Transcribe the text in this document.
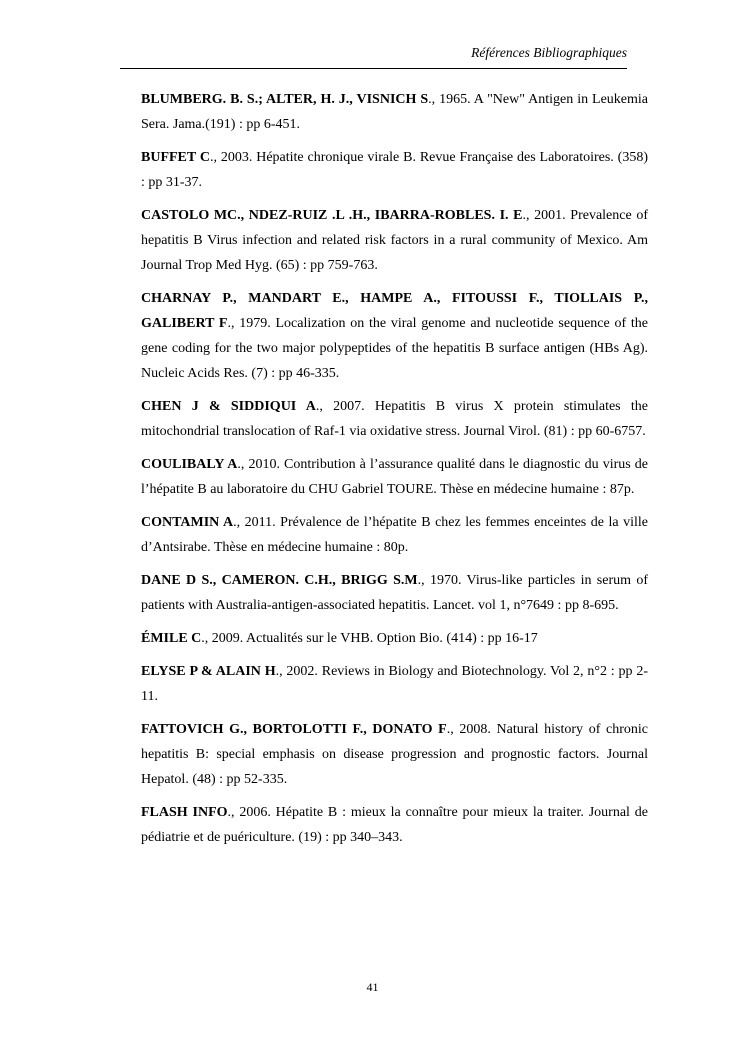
Références Bibliographiques

BLUMBERG. B. S.; ALTER, H. J., VISNICH S., 1965. A "New" Antigen in Leukemia Sera. Jama.(191) : pp 6-451.

BUFFET C., 2003. Hépatite chronique virale B. Revue Française des Laboratoires. (358) : pp 31-37.

CASTOLO MC., NDEZ-RUIZ .L .H., IBARRA-ROBLES. I. E., 2001. Prevalence of hepatitis B Virus infection and related risk factors in a rural community of Mexico. Am Journal Trop Med Hyg. (65) : pp 759-763.

CHARNAY P., MANDART E., HAMPE A., FITOUSSI F., TIOLLAIS P., GALIBERT F., 1979. Localization on the viral genome and nucleotide sequence of the gene coding for the two major polypeptides of the hepatitis B surface antigen (HBs Ag). Nucleic Acids Res. (7) : pp 46-335.

CHEN J & SIDDIQUI A., 2007. Hepatitis B virus X protein stimulates the mitochondrial translocation of Raf-1 via oxidative stress. Journal Virol. (81) : pp 60-6757.

COULIBALY A., 2010. Contribution à l’assurance qualité dans le diagnostic du virus de l’hépatite B au laboratoire du CHU Gabriel TOURE. Thèse en médecine humaine : 87p.

CONTAMIN A., 2011. Prévalence de l’hépatite B chez les femmes enceintes de la ville d’Antsirabe. Thèse en médecine humaine : 80p.

DANE D S., CAMERON. C.H., BRIGG S.M., 1970. Virus-like particles in serum of patients with Australia-antigen-associated hepatitis. Lancet. vol 1, n°7649 : pp 8-695.

ÉMILE C., 2009. Actualités sur le VHB. Option Bio. (414) : pp 16-17

ELYSE P & ALAIN H., 2002. Reviews in Biology and Biotechnology. Vol 2, n°2 : pp 2-11.

FATTOVICH G., BORTOLOTTI F., DONATO F., 2008. Natural history of chronic hepatitis B: special emphasis on disease progression and prognostic factors. Journal Hepatol. (48) : pp 52-335.

FLASH INFO., 2006. Hépatite B : mieux la connaître pour mieux la traiter. Journal de pédiatrie et de puériculture. (19) : pp 340–343.

41
